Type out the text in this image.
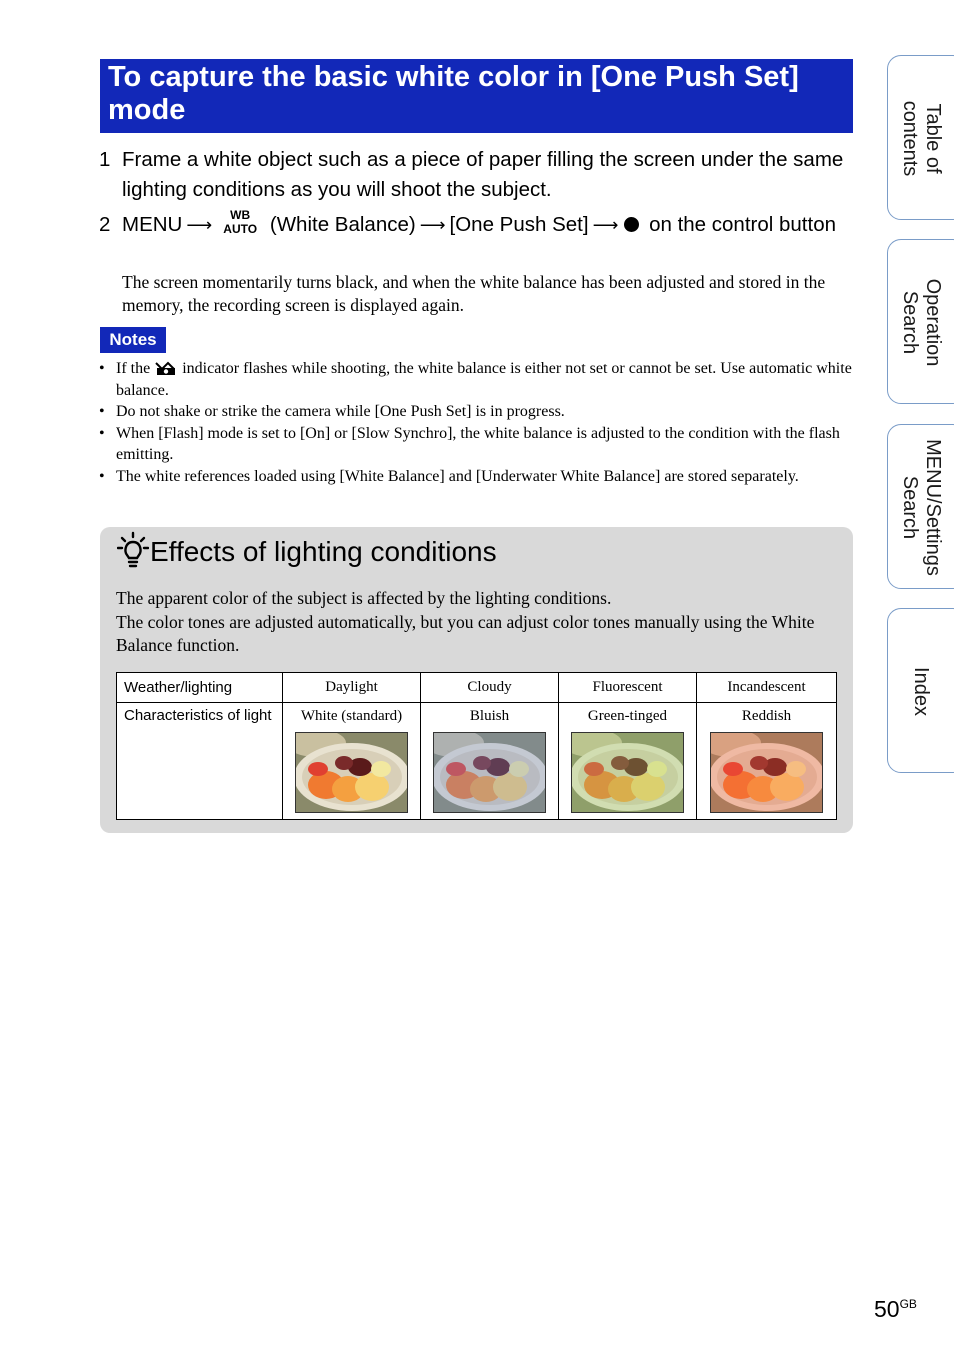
To capture the basic white color in [One Push Set] mode
1 Frame a white object such as a piece of paper filling the screen under the same lighting conditions as you will shoot the subject.
2 MENU ⟶	WB
AUTO (White Balance) ⟶ [One Push Set] ⟶ on the control button
The screen momentarily turns black, and when the white balance has been adjusted and stored in the memory, the recording screen is displayed again.
Notes
• If the indicator flashes while shooting, the white balance is either not set or cannot be set. Use automatic white balance.
• Do not shake or strike the camera while [One Push Set] is in progress.
• When [Flash] mode is set to [On] or [Slow Synchro], the white balance is adjusted to the condition with the flash emitting.
• The white references loaded using [White Balance] and [Underwater White Balance] are stored separately.
Effects of lighting conditions
The apparent color of the subject is affected by the lighting conditions.
The color tones are adjusted automatically, but you can adjust color tones manually using the White Balance function.
Weather/lighting	Daylight	Cloudy	Fluorescent	Incandescent
Characteristics of light	White (standard)	Bluish	Green-tinged	Reddish
Table of
contents
Operation
Search
MENU/Settings
Search
Index
$50^{GB}$
